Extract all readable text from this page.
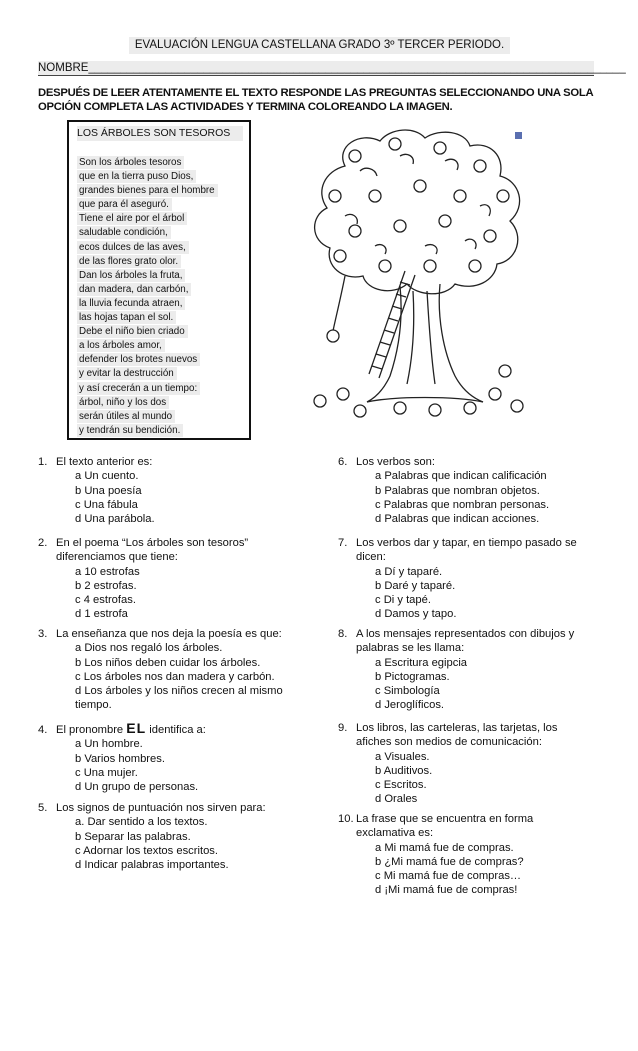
EVALUACIÓN LENGUA CASTELLANA GRADO 3º TERCER PERIODO.
NOMBRE____________________________________________________________________________________
DESPUÉS DE LEER ATENTAMENTE EL TEXTO RESPONDE LAS PREGUNTAS SELECCIONANDO UNA SOLA OPCIÓN COMPLETA LAS ACTIVIDADES Y TERMINA COLOREANDO LA IMAGEN.
LOS ÁRBOLES SON TESOROS
Son los árboles tesoros
que en la tierra puso Dios,
grandes bienes para el hombre
que para él aseguró.
Tiene el aire por el árbol
saludable condición,
ecos dulces de las aves,
de las flores grato olor.
Dan los árboles la fruta,
dan madera, dan carbón,
la lluvia fecunda atraen,
las hojas tapan el sol.
Debe el niño bien criado
a los árboles amor,
defender los brotes nuevos
y evitar la destrucción
y así crecerán a un tiempo:
árbol, niño y los dos
serán útiles al mundo
y tendrán su bendición.
1. El texto anterior es:
a Un cuento.
b Una poesía
c Una fábula
d Una parábola.
2. En el poema “Los árboles son tesoros”
diferenciamos que tiene:
a 10 estrofas
b 2 estrofas.
c 4 estrofas.
d 1 estrofa
3. La enseñanza que nos deja la poesía es que:
a Dios nos regaló los árboles.
b Los niños deben cuidar los árboles.
c Los árboles nos dan madera y carbón.
d Los árboles y los niños crecen al mismo
tiempo.
4. El pronombre EL identifica a:
a Un hombre.
b Varios hombres.
c Una mujer.
d Un grupo de personas.
5. Los signos de puntuación nos sirven para:
a. Dar sentido a los textos.
b Separar las palabras.
c Adornar los textos escritos.
d Indicar palabras importantes.
6. Los verbos son:
a Palabras que indican calificación
b Palabras que nombran objetos.
c Palabras que nombran personas.
d Palabras que indican acciones.
7. Los verbos dar y tapar, en tiempo pasado se
dicen:
a Dí y taparé.
b Daré y taparé.
c Di y tapé.
d Damos y tapo.
8. A los mensajes representados con dibujos y
palabras se les llama:
a Escritura egipcia
b Pictogramas.
c Simbología
d Jeroglíficos.
9. Los libros, las carteleras, las tarjetas, los
afiches son medios de comunicación:
a Visuales.
b Auditivos.
c Escritos.
d Orales
10. La frase que se encuentra en forma
exclamativa es:
a Mi mamá fue de compras.
b ¿Mi mamá fue de compras?
c Mi mamá fue de compras…
d ¡Mi mamá fue de compras!
